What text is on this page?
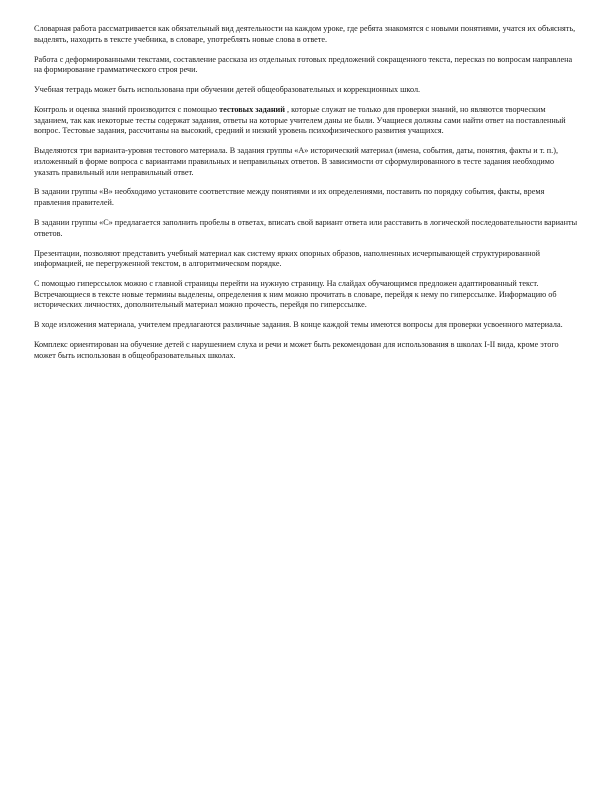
Словарная работа рассматривается как обязательный вид деятельности на каждом уроке, где ребята знакомятся с новыми понятиями, учатся их объяснять, выделять, находить в тексте учебника, в словаре, употреблять новые слова в ответе.

Работа с деформированными текстами, составление рассказа из отдельных готовых предложений сокращенного текста, пересказ по вопросам направлена на формирование грамматического строя речи.

Учебная тетрадь может быть использована при обучении детей общеобразовательных и коррекционных школ.

Контроль и оценка знаний производится с помощью тестовых заданий , которые служат не только для проверки знаний, но являются творческим заданием, так как некоторые тесты содержат задания, ответы на которые учителем даны не были. Учащиеся должны сами найти ответ на поставленный вопрос. Тестовые задания, рассчитаны на высокий, средний и низкий уровень психофизического развития учащихся.

Выделяются три варианта-уровня тестового материала. В задания группы «А» исторический материал (имена, события, даты, понятия, факты и т. п.), изложенный в форме вопроса с вариантами правильных и неправильных ответов. В зависимости от сформулированного в тесте задания необходимо указать правильный или неправильный ответ.

В задании группы «В» необходимо установите соответствие между понятиями и их определениями, поставить по порядку события, факты, время правления правителей.

В задании группы «С» предлагается заполнить пробелы в ответах, вписать свой вариант ответа или расставить в логической последовательности варианты ответов.

Презентации, позволяют представить учебный материал как систему ярких опорных образов, наполненных исчерпывающей структурированной информацией, не перегруженной текстом, в алгоритмическом порядке.

С помощью гиперссылок можно с главной страницы перейти на нужную страницу. На слайдах обучающимся предложен адаптированный текст. Встречающиеся в тексте новые термины выделены, определения к ним можно прочитать в словаре, перейдя к нему по гиперссылке. Информацию об исторических личностях, дополнительный материал можно прочесть, перейдя по гиперссылке.

В ходе изложения материала, учителем предлагаются различные задания. В конце каждой темы имеются вопросы для проверки усвоенного материала.

Комплекс ориентирован на обучение детей с нарушением слуха и речи и может быть рекомендован для использования в школах I-II вида, кроме этого может быть использован в общеобразовательных школах.
